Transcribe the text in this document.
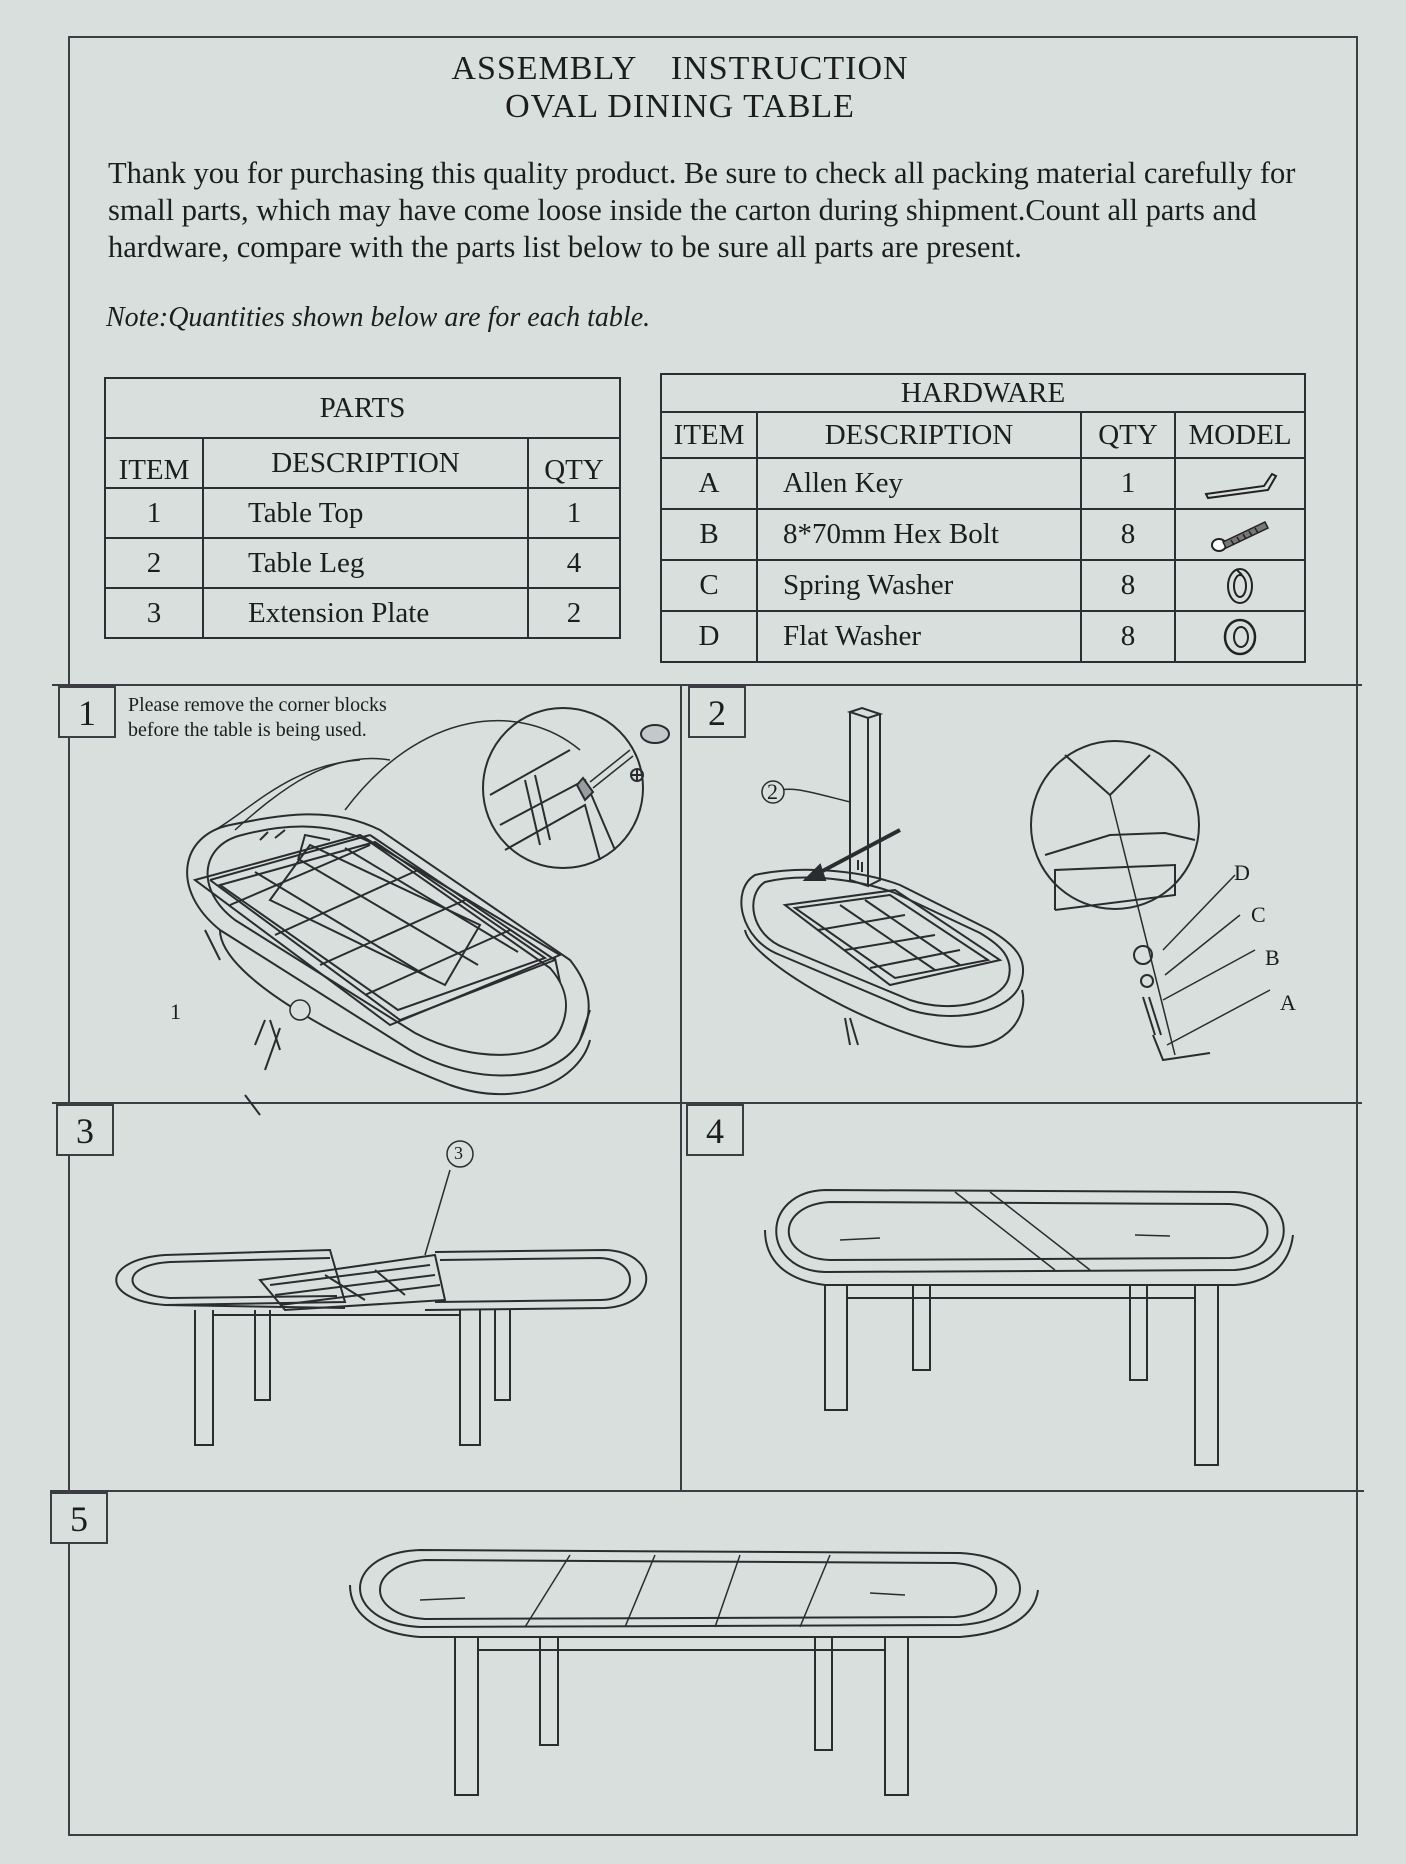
ASSEMBLY INSTRUCTION
OVAL DINING TABLE
Thank you for purchasing this quality product. Be sure to check all packing material carefully for small parts, which may have come loose inside the carton during shipment.Count all parts and hardware, compare with the parts list below to be sure all parts are present.
Note:Quantities shown below are for each table.
PARTS		
ITEM	DESCRIPTION	QTY
1	Table Top	1
2	Table Leg	4
3	Extension Plate	2
HARDWARE			
ITEM	DESCRIPTION	QTY	MODEL
A	Allen Key	1	

B	8*70mm Hex Bolt	8	

C	Spring Washer	8	

D	Flat Washer	8	
1	2
3	4
5
Please remove the corner blocks
before the table is being used.
1
2
D
C
B
A
3
